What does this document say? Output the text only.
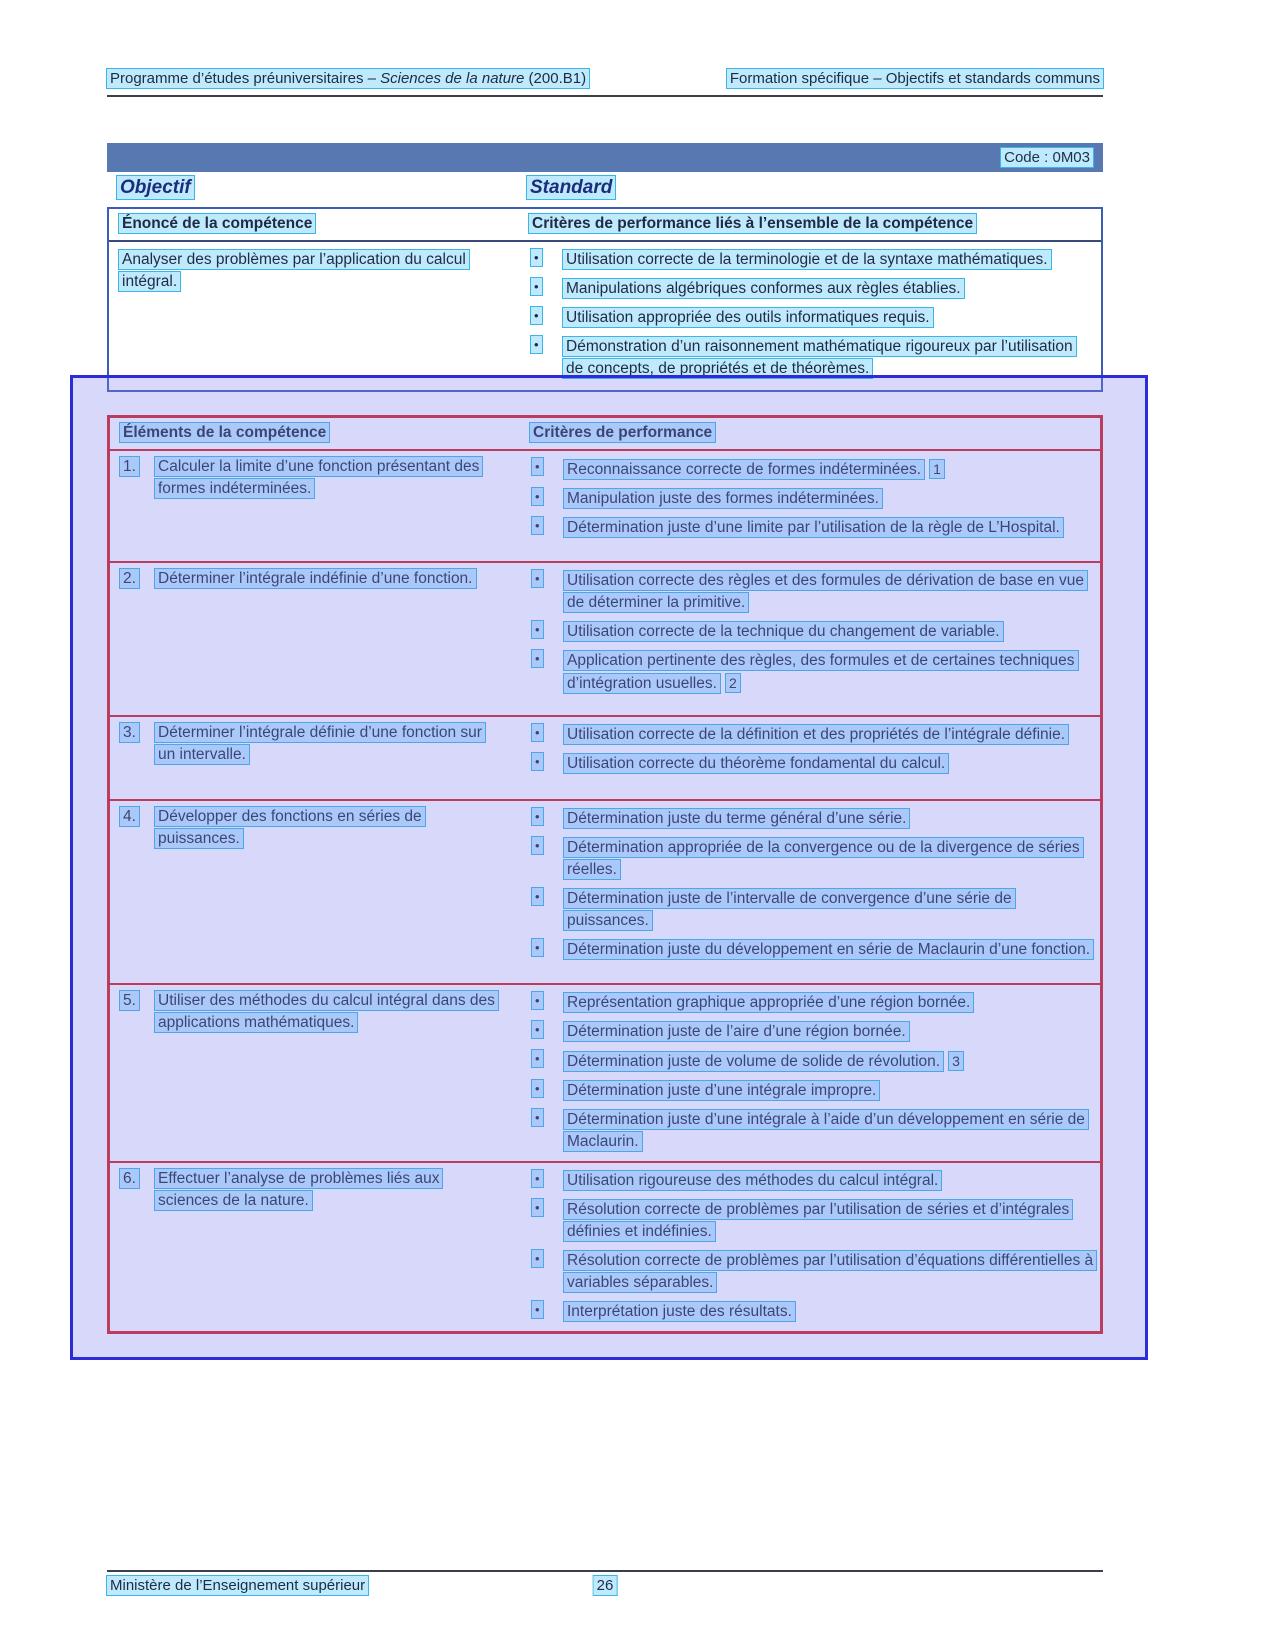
Programme d’études préuniversitaires – Sciences de la nature (200.B1)	Formation spécifique – Objectifs et standards communs
Code : 0M03
Objectif	Standard
Énoncé de la compétence	Critères de performance liés à l’ensemble de la compétence
Analyser des problèmes par l’application du calcul intégral.
• Utilisation correcte de la terminologie et de la syntaxe mathématiques.
• Manipulations algébriques conformes aux règles établies.
• Utilisation appropriée des outils informatiques requis.
• Démonstration d’un raisonnement mathématique rigoureux par l’utilisation de concepts, de propriétés et de théorèmes.
Éléments de la compétence	Critères de performance
1.	Calculer la limite d’une fonction présentant des formes indéterminées.
• Reconnaissance correcte de formes indéterminées. 1
• Manipulation juste des formes indéterminées.
• Détermination juste d’une limite par l’utilisation de la règle de L’Hospital.
2.	Déterminer l’intégrale indéfinie d’une fonction.	• Utilisation correcte des règles et des formules de dérivation de base en vue de déterminer la primitive.
• Utilisation correcte de la technique du changement de variable.
• Application pertinente des règles, des formules et de certaines techniques d’intégration usuelles. 2
3.	Déterminer l’intégrale définie d’une fonction sur un intervalle.
• Utilisation correcte de la définition et des propriétés de l’intégrale définie.
• Utilisation correcte du théorème fondamental du calcul.
4.	Développer des fonctions en séries de puissances.
• Détermination juste du terme général d’une série.
• Détermination appropriée de la convergence ou de la divergence de séries réelles.
• Détermination juste de l’intervalle de convergence d’une série de puissances.
• Détermination juste du développement en série de Maclaurin d’une fonction.
5.	Utiliser des méthodes du calcul intégral dans des applications mathématiques.
• Représentation graphique appropriée d’une région bornée.
• Détermination juste de l’aire d’une région bornée.
• Détermination juste de volume de solide de révolution. 3
• Détermination juste d’une intégrale impropre.
• Détermination juste d’une intégrale à l’aide d’un développement en série de Maclaurin.
6.	Effectuer l’analyse de problèmes liés aux sciences de la nature.
• Utilisation rigoureuse des méthodes du calcul intégral.
• Résolution correcte de problèmes par l’utilisation de séries et d’intégrales définies et indéfinies.
• Résolution correcte de problèmes par l’utilisation d’équations différentielles à variables séparables.
• Interprétation juste des résultats.
Ministère de l’Enseignement supérieur	26
